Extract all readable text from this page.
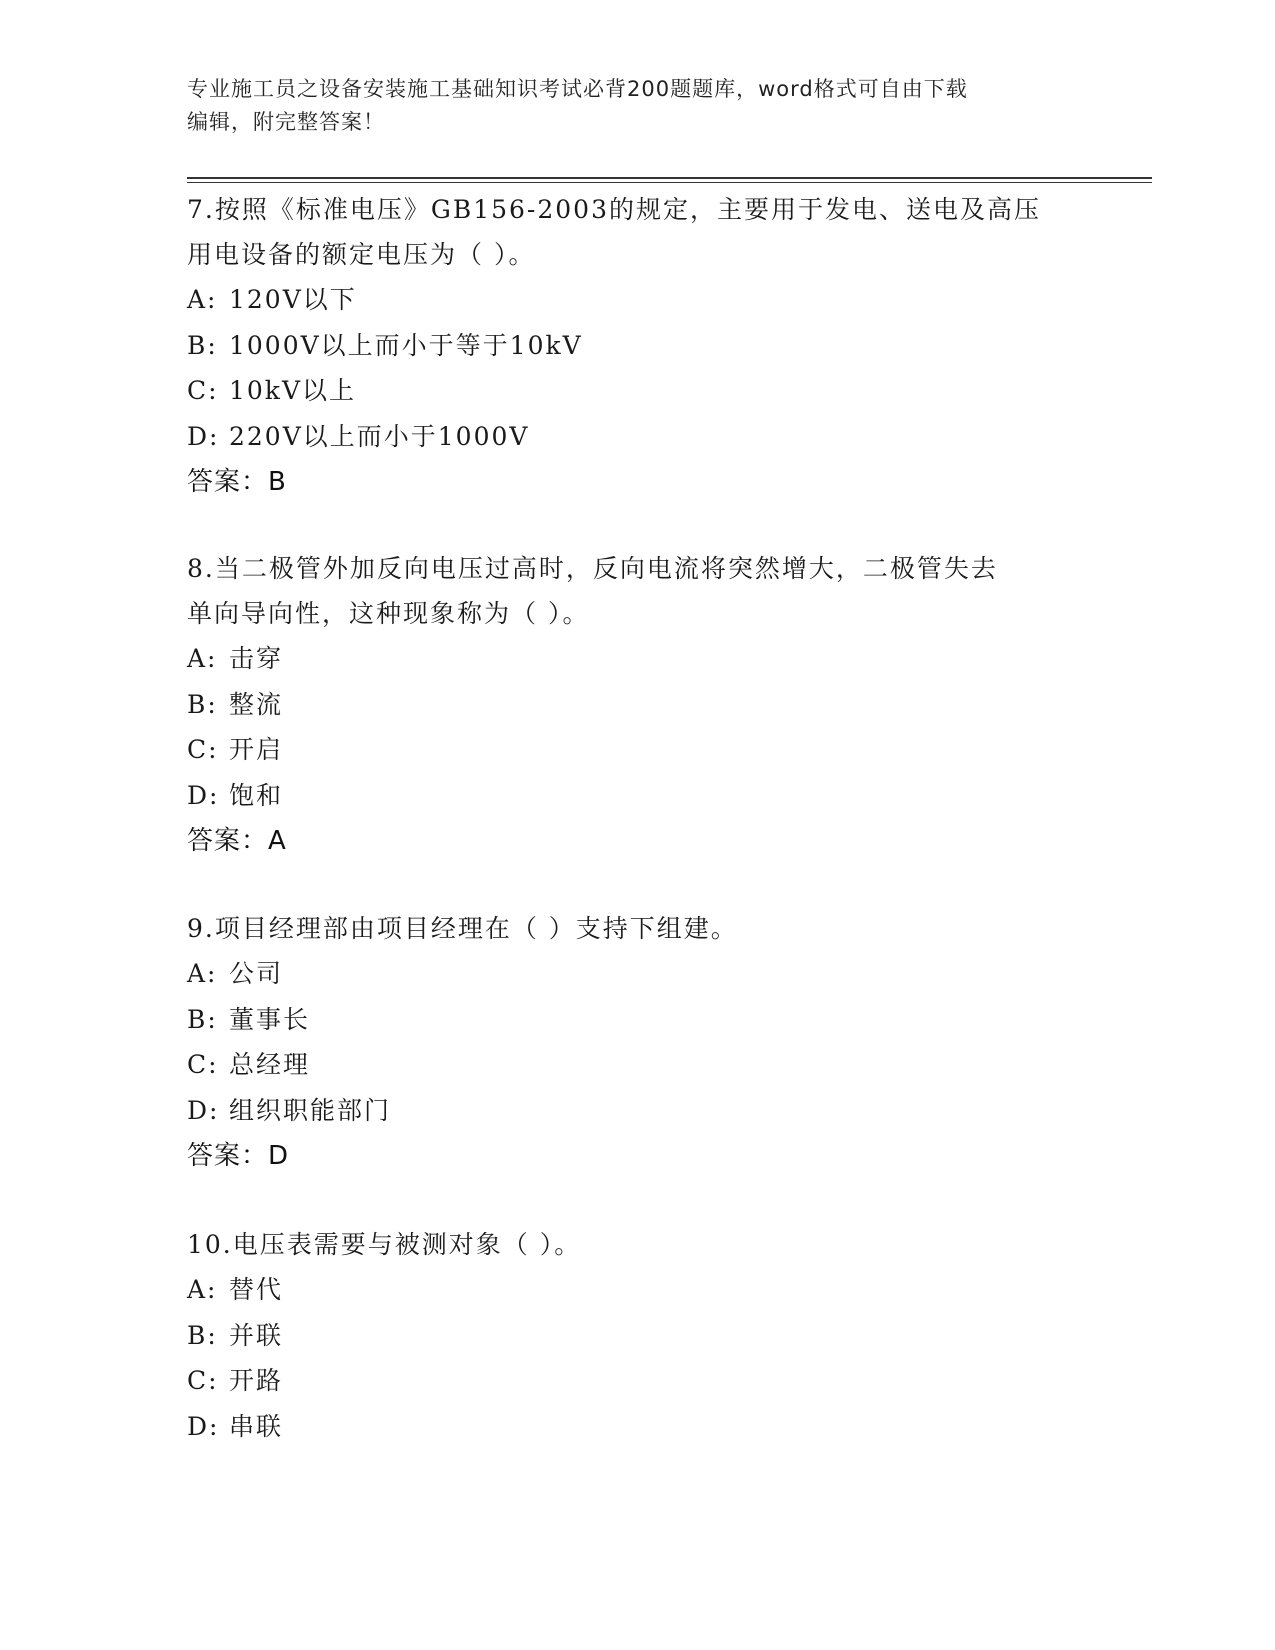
专业施工员之设备安装施工基础知识考试必背200题题库，word格式可自由下载
编辑，附完整答案！
7.按照《标准电压》GB156-2003的规定，主要用于发电、送电及高压
用电设备的额定电压为（ ）。
A: 120V以下
B: 1000V以上而小于等于10kV
C: 10kV以上
D: 220V以上而小于1000V
答案：B
8.当二极管外加反向电压过高时，反向电流将突然增大，二极管失去
单向导向性，这种现象称为（ ）。
A: 击穿
B: 整流
C: 开启
D: 饱和
答案：A
9.项目经理部由项目经理在（ ）支持下组建。
A: 公司
B: 董事长
C: 总经理
D: 组织职能部门
答案：D
10.电压表需要与被测对象（ ）。
A: 替代
B: 并联
C: 开路
D: 串联
